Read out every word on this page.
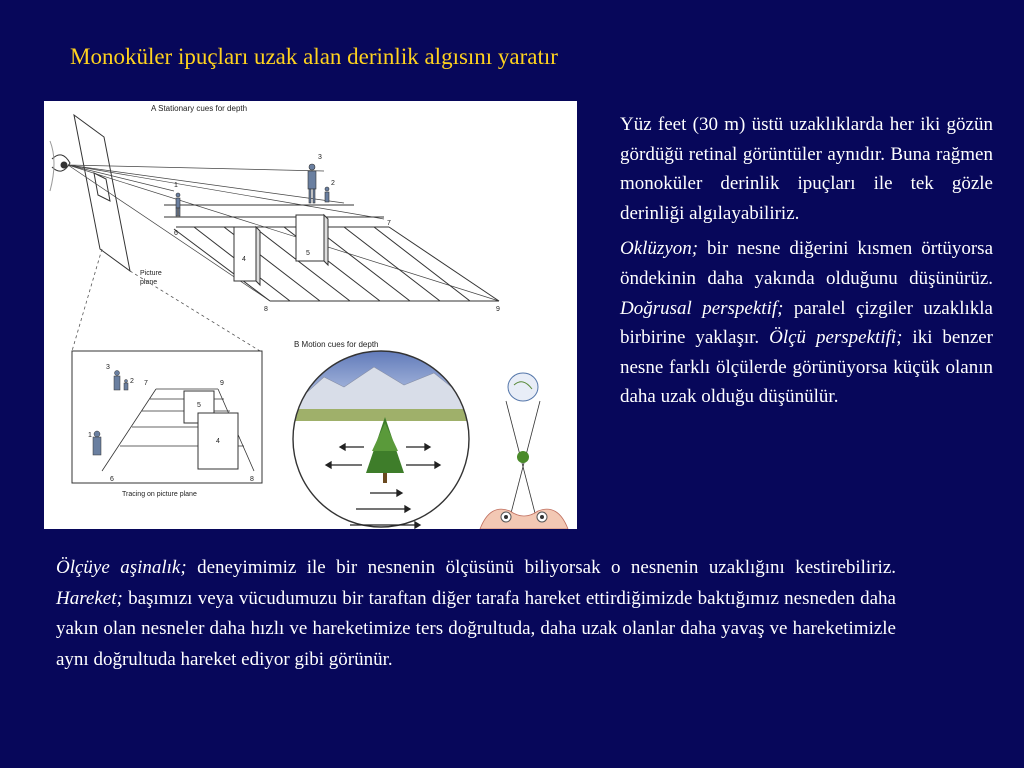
Monoküler ipuçları uzak alan derinlik algısını yaratır
A Stationary cues for depth
Picture
plane
1	2
3
4
5
6
7
8	9
1
2
3
4
5
6
7
8
9
Tracing on picture plane
B Motion cues for depth

Yüz feet (30 m) üstü uzaklıklarda her iki gözün gördüğü retinal görüntüler aynıdır. Buna rağmen monoküler derinlik ipuçları ile tek gözle derinliği algılayabiliriz.

Oklüzyon; bir nesne diğerini kısmen örtüyorsa öndekinin daha yakında olduğunu düşünürüz. Doğrusal perspektif; paralel çizgiler uzaklıkla birbirine yaklaşır. Ölçü perspektifi; iki benzer nesne farklı ölçülerde görünüyorsa küçük olanın daha uzak olduğu düşünülür.

Ölçüye aşinalık; deneyimimiz ile bir nesnenin ölçüsünü biliyorsak o nesnenin uzaklığını kestirebiliriz. Hareket; başımızı veya vücudumuzu bir taraftan diğer tarafa hareket ettirdiğimizde baktığımız nesneden daha yakın olan nesneler daha hızlı ve hareketimize ters doğrultuda, daha uzak olanlar daha yavaş ve hareketimizle aynı doğrultuda hareket ediyor gibi görünür.
